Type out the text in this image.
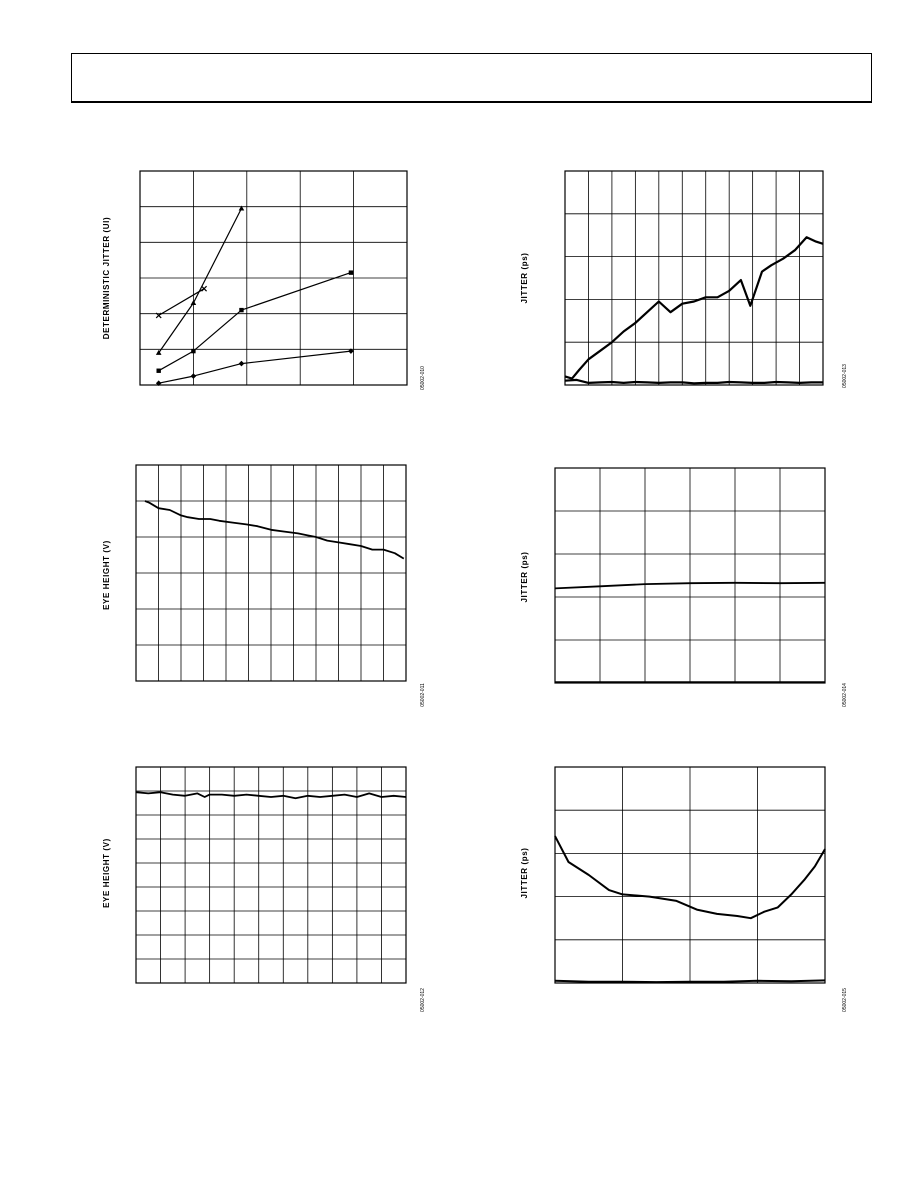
DETERMINISTIC JITTER (UI)
05002-010
JITTER (ps)
05002-013
EYE HEIGHT (V)
05002-011
JITTER (ps)
05002-014
EYE HEIGHT (V)
05002-012
JITTER (ps)
05002-015
